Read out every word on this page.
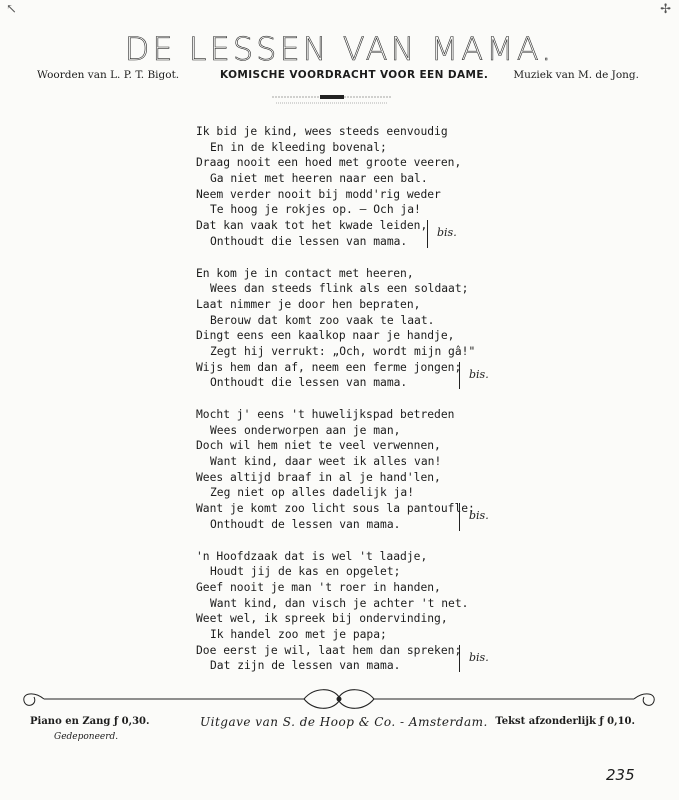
↖	✢
DE LESSEN VAN MAMA.
Woorden van L. P. T. Bigot.	KOMISCHE VOORDRACHT VOOR EEN DAME. Muziek van M. de Jong.
Ik bid je kind, wees steeds eenvoudig
En in de kleeding bovenal;
Draag nooit een hoed met groote veeren,
Ga niet met heeren naar een bal.
Neem verder nooit bij modd'rig weder
Te hoog je rokjes op. — Och ja!
Dat kan vaak tot het kwade leiden,
Onthoudt die lessen van mama.
bis.
En kom je in contact met heeren,
Wees dan steeds flink als een soldaat;
Laat nimmer je door hen bepraten,
Berouw dat komt zoo vaak te laat.
Dingt eens een kaalkop naar je handje,
Zegt hij verrukt: „Och, wordt mijn gâ!"
Wijs hem dan af, neem een ferme jongen;
Onthoudt die lessen van mama.
bis.
Mocht j' eens 't huwelijkspad betreden
Wees onderworpen aan je man,
Doch wil hem niet te veel verwennen,
Want kind, daar weet ik alles van!
Wees altijd braaf in al je hand'len,
Zeg niet op alles dadelijk ja!
Want je komt zoo licht sous la pantoufle;
Onthoudt de lessen van mama.
bis.
'n Hoofdzaak dat is wel 't laadje,
Houdt jij de kas en opgelet;
Geef nooit je man 't roer in handen,
Want kind, dan visch je achter 't net.
Weet wel, ik spreek bij ondervinding,
Ik handel zoo met je papa;
Doe eerst je wil, laat hem dan spreken;
Dat zijn de lessen van mama.
bis.
Piano en Zang ƒ 0,30.
Gedeponeerd.
Uitgave van S. de Hoop & Co. - Amsterdam. Tekst afzonderlijk ƒ 0,10.
235
